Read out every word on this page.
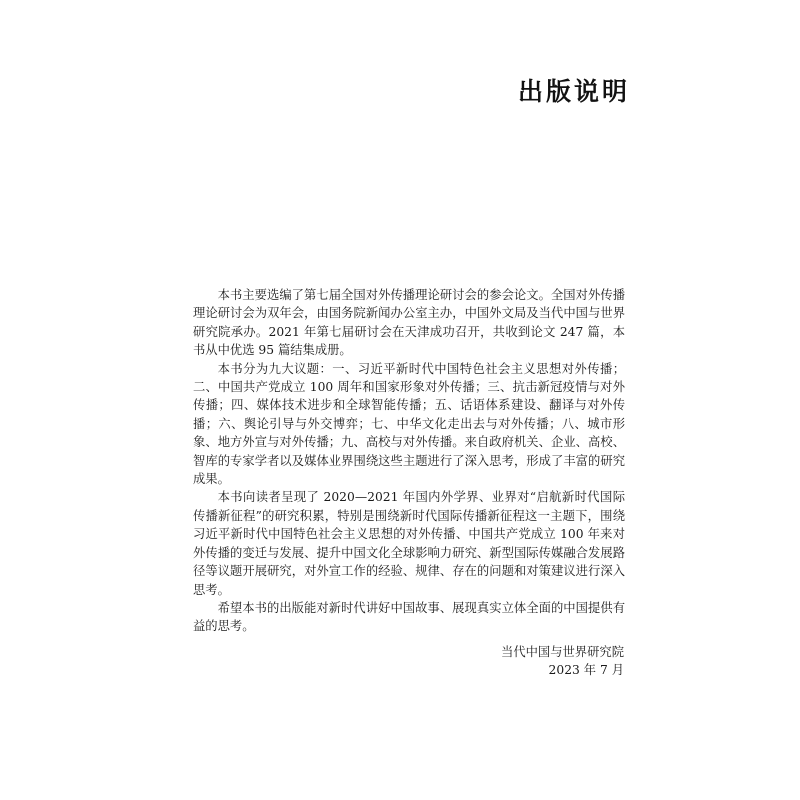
出版说明

本书主要选编了第七届全国对外传播理论研讨会的参会论文。全国对外传播理论研讨会为双年会，由国务院新闻办公室主办，中国外文局及当代中国与世界研究院承办。2021 年第七届研讨会在天津成功召开，共收到论文 247 篇，本书从中优选 95 篇结集成册。

本书分为九大议题：一、习近平新时代中国特色社会主义思想对外传播；二、中国共产党成立 100 周年和国家形象对外传播；三、抗击新冠疫情与对外传播；四、媒体技术进步和全球智能传播；五、话语体系建设、翻译与对外传播；六、舆论引导与外交博弈；七、中华文化走出去与对外传播；八、城市形象、地方外宣与对外传播；九、高校与对外传播。来自政府机关、企业、高校、智库的专家学者以及媒体业界围绕这些主题进行了深入思考，形成了丰富的研究成果。

本书向读者呈现了 2020—2021 年国内外学界、业界对“启航新时代国际传播新征程”的研究积累，特别是围绕新时代国际传播新征程这一主题下，围绕习近平新时代中国特色社会主义思想的对外传播、中国共产党成立 100 年来对外传播的变迁与发展、提升中国文化全球影响力研究、新型国际传媒融合发展路径等议题开展研究，对外宣工作的经验、规律、存在的问题和对策建议进行深入思考。

希望本书的出版能对新时代讲好中国故事、展现真实立体全面的中国提供有益的思考。

当代中国与世界研究院

2023 年 7 月
